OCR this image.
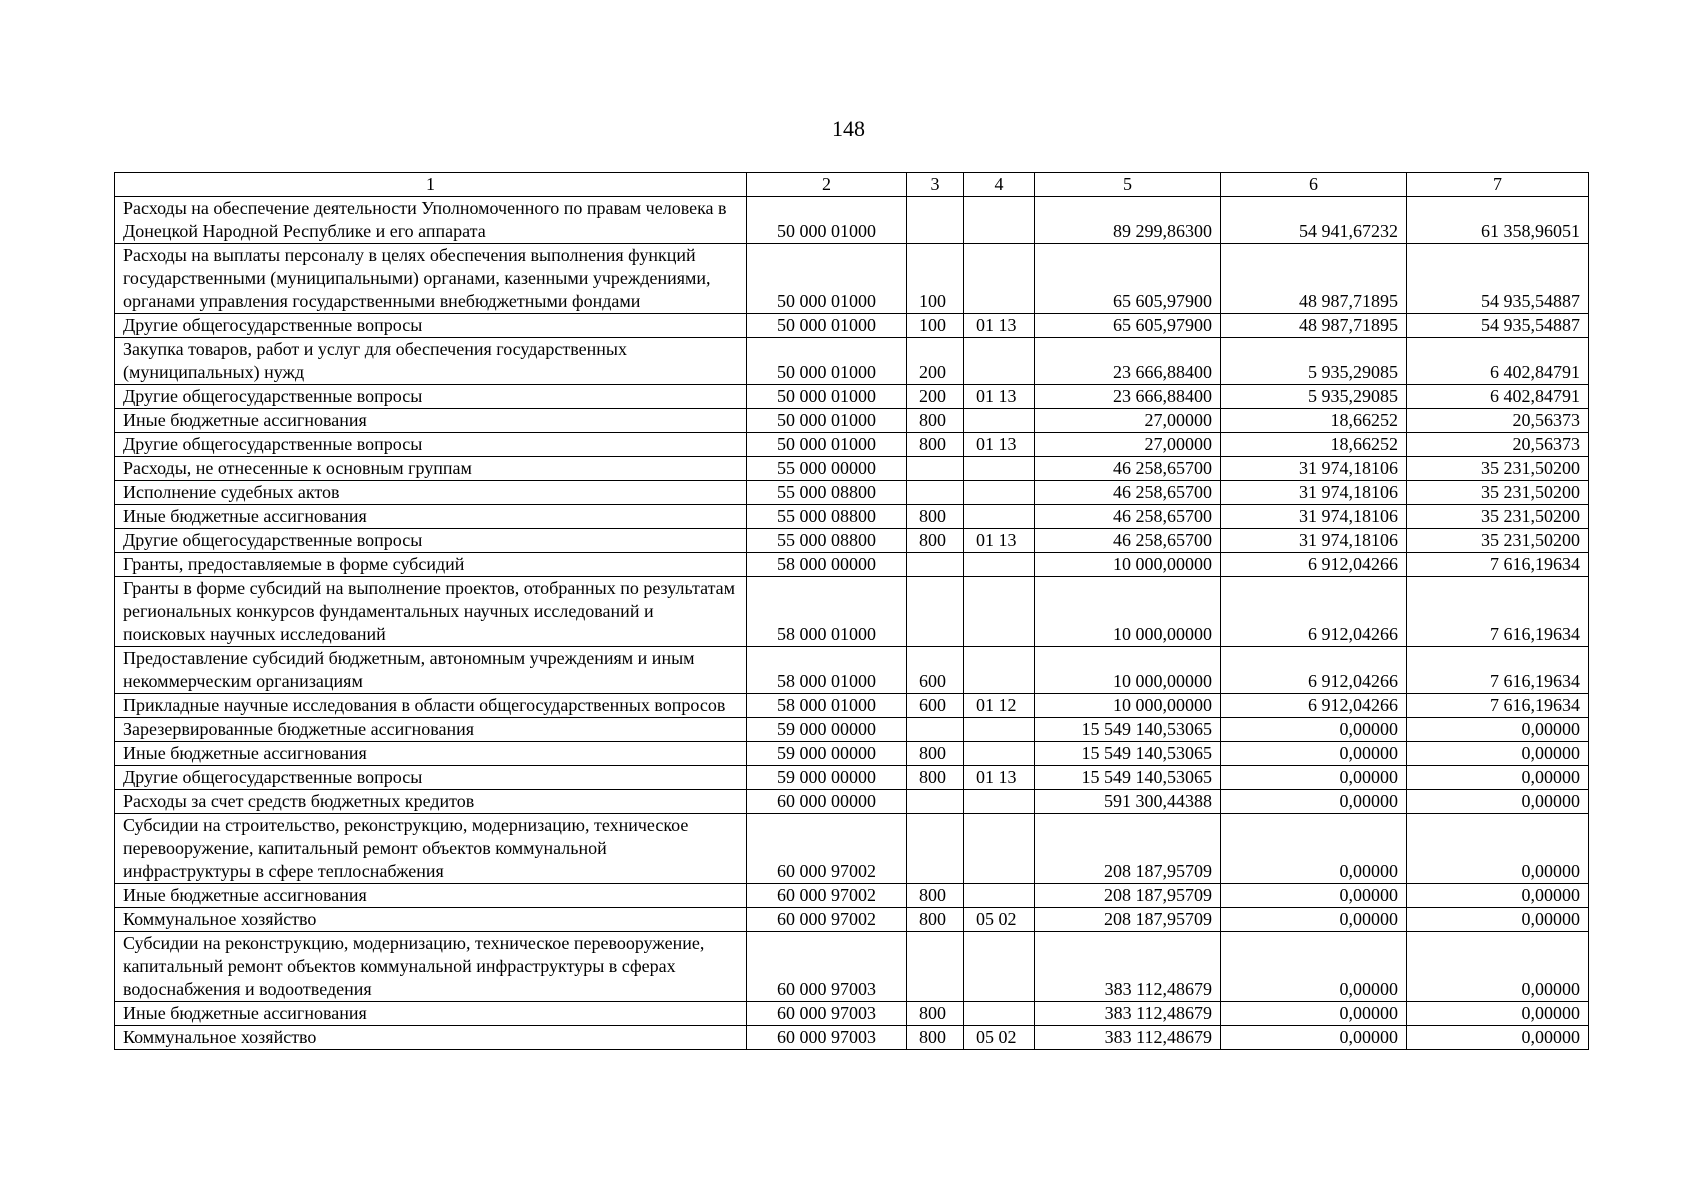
148
1	2	3	4	5	6	7
Расходы на обеспечение деятельности Уполномоченного по правам человека в Донецкой Народной Республике и его аппарата	50 000 01000			89 299,86300	54 941,67232	61 358,96051
Расходы на выплаты персоналу в целях обеспечения выполнения функций государственными (муниципальными) органами, казенными учреждениями, органами управления государственными внебюджетными фондами	50 000 01000	100		65 605,97900	48 987,71895	54 935,54887
Другие общегосударственные вопросы	50 000 01000	100	01 13	65 605,97900	48 987,71895	54 935,54887
Закупка товаров, работ и услуг для обеспечения государственных (муниципальных) нужд	50 000 01000	200		23 666,88400	5 935,29085	6 402,84791
Другие общегосударственные вопросы	50 000 01000	200	01 13	23 666,88400	5 935,29085	6 402,84791
Иные бюджетные ассигнования	50 000 01000	800		27,00000	18,66252	20,56373
Другие общегосударственные вопросы	50 000 01000	800	01 13	27,00000	18,66252	20,56373
Расходы, не отнесенные к основным группам	55 000 00000			46 258,65700	31 974,18106	35 231,50200
Исполнение судебных актов	55 000 08800			46 258,65700	31 974,18106	35 231,50200
Иные бюджетные ассигнования	55 000 08800	800		46 258,65700	31 974,18106	35 231,50200
Другие общегосударственные вопросы	55 000 08800	800	01 13	46 258,65700	31 974,18106	35 231,50200
Гранты, предоставляемые в форме субсидий	58 000 00000			10 000,00000	6 912,04266	7 616,19634
Гранты в форме субсидий на выполнение проектов, отобранных по результатам региональных конкурсов фундаментальных научных исследований и поисковых научных исследований	58 000 01000			10 000,00000	6 912,04266	7 616,19634
Предоставление субсидий бюджетным, автономным учреждениям и иным некоммерческим организациям	58 000 01000	600		10 000,00000	6 912,04266	7 616,19634
Прикладные научные исследования в области общегосударственных вопросов	58 000 01000	600	01 12	10 000,00000	6 912,04266	7 616,19634
Зарезервированные бюджетные ассигнования	59 000 00000			15 549 140,53065	0,00000	0,00000
Иные бюджетные ассигнования	59 000 00000	800		15 549 140,53065	0,00000	0,00000
Другие общегосударственные вопросы	59 000 00000	800	01 13	15 549 140,53065	0,00000	0,00000
Расходы за счет средств бюджетных кредитов	60 000 00000			591 300,44388	0,00000	0,00000
Субсидии на строительство, реконструкцию, модернизацию, техническое перевооружение, капитальный ремонт объектов коммунальной инфраструктуры в сфере теплоснабжения	60 000 97002			208 187,95709	0,00000	0,00000
Иные бюджетные ассигнования	60 000 97002	800		208 187,95709	0,00000	0,00000
Коммунальное хозяйство	60 000 97002	800	05 02	208 187,95709	0,00000	0,00000
Субсидии на реконструкцию, модернизацию, техническое перевооружение, капитальный ремонт объектов коммунальной инфраструктуры в сферах водоснабжения и водоотведения	60 000 97003			383 112,48679	0,00000	0,00000
Иные бюджетные ассигнования	60 000 97003	800		383 112,48679	0,00000	0,00000
Коммунальное хозяйство	60 000 97003	800	05 02	383 112,48679	0,00000	0,00000
